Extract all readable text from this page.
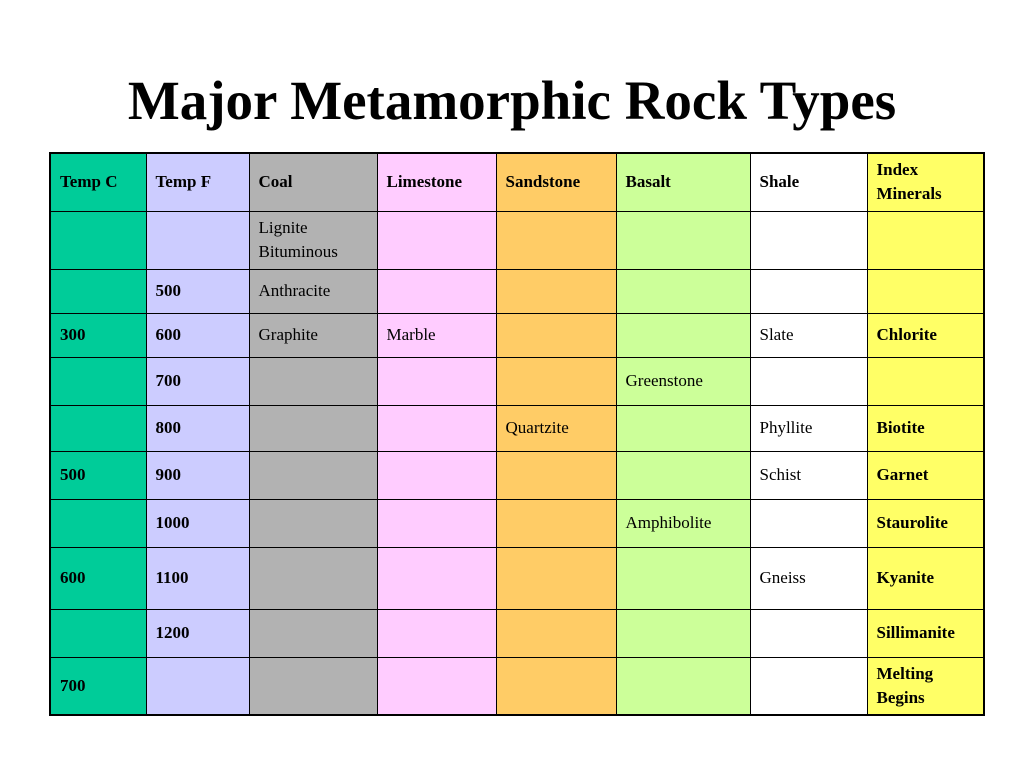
Major Metamorphic Rock Types
Temp C	Temp F	Coal	Limestone	Sandstone	Basalt	Shale	Index Minerals
		Lignite Bituminous					
	500	Anthracite					
300	600	Graphite	Marble			Slate	Chlorite
	700				Greenstone		
	800			Quartzite		Phyllite	Biotite
500	900					Schist	Garnet
	1000				Amphibolite		Staurolite
600	1100					Gneiss	Kyanite
	1200						Sillimanite
700							Melting Begins
